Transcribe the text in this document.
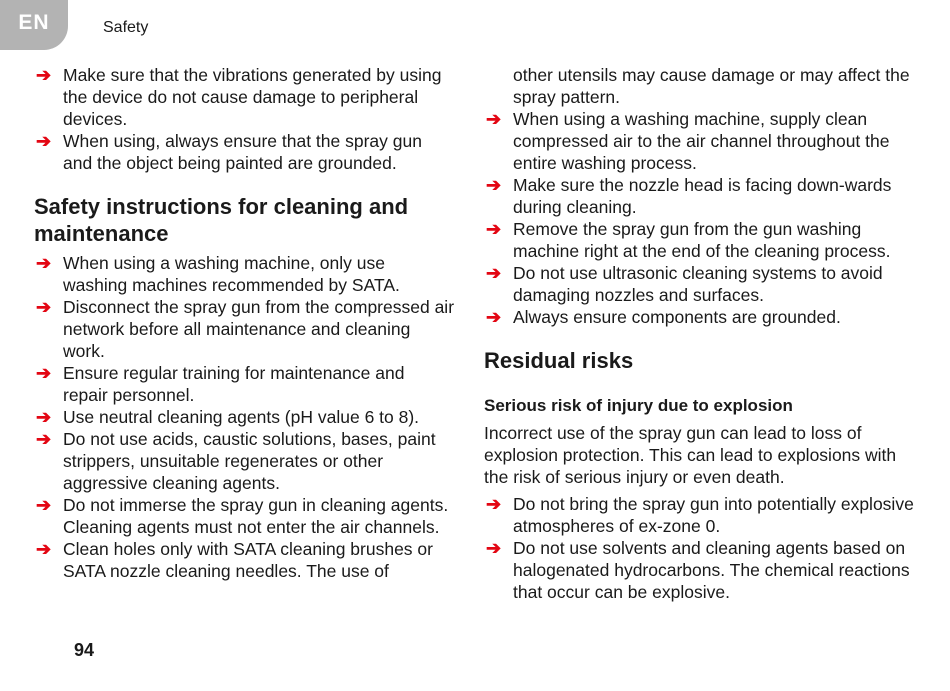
EN	Safety
➔ Make sure that the vibrations generated by using the device do not cause damage to peripheral devices.
➔ When using, always ensure that the spray gun and the object being painted are grounded.
Safety instructions for cleaning and maintenance
➔ When using a washing machine, only use washing machines recommended by SATA.
➔ Disconnect the spray gun from the compressed air network before all maintenance and cleaning work.
➔ Ensure regular training for maintenance and repair personnel.
➔ Use neutral cleaning agents (pH value 6 to 8).
➔ Do not use acids, caustic solutions, bases, paint strippers, unsuitable regenerates or other aggressive cleaning agents.
➔ Do not immerse the spray gun in cleaning agents. Cleaning agents must not enter the air channels.
➔ Clean holes only with SATA cleaning brushes or SATA nozzle cleaning needles. The use of
other utensils may cause damage or may affect the spray pattern.
➔ When using a washing machine, supply clean compressed air to the air channel throughout the entire washing process.
➔ Make sure the nozzle head is facing down-wards during cleaning.
➔ Remove the spray gun from the gun washing machine right at the end of the cleaning process.
➔ Do not use ultrasonic cleaning systems to avoid damaging nozzles and surfaces.
➔ Always ensure components are grounded.
Residual risks
Serious risk of injury due to explosion

Incorrect use of the spray gun can lead to loss of explosion protection. This can lead to explosions with the risk of serious injury or even death.

➔ Do not bring the spray gun into potentially explosive atmospheres of ex-zone 0.
➔ Do not use solvents and cleaning agents based on halogenated hydrocarbons. The chemical reactions that occur can be explosive.
94
